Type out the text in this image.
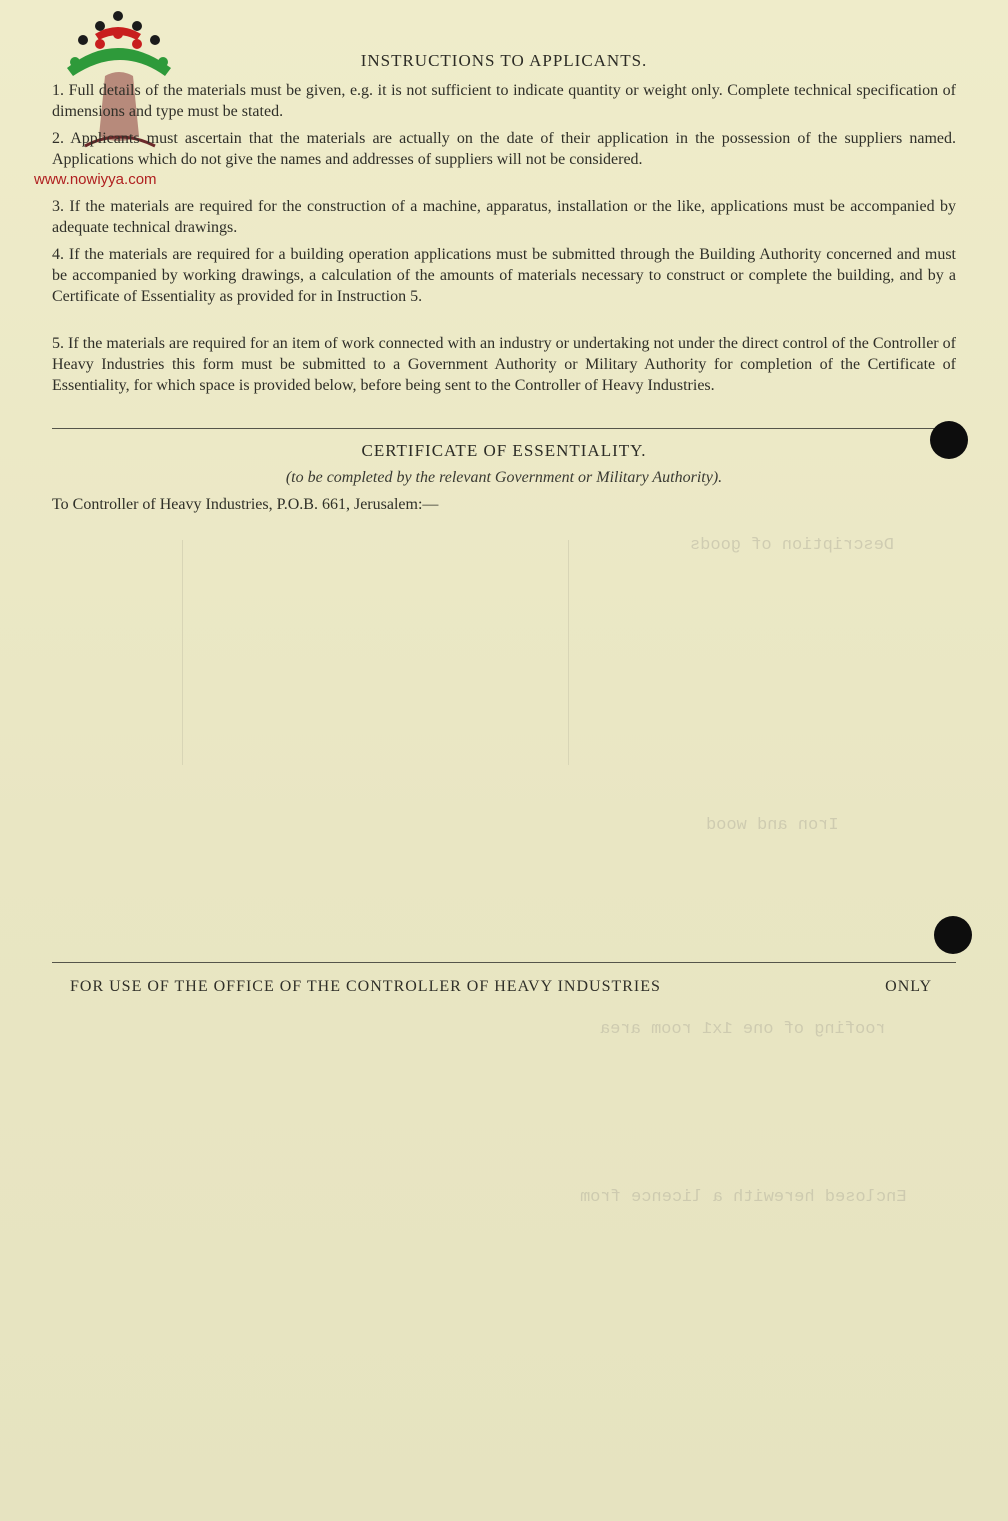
www.nowiyya.com
INSTRUCTIONS TO APPLICANTS.

1. Full details of the materials must be given, e.g. it is not sufficient to indicate quantity or weight only. Complete technical specification of dimensions and type must be stated.

2. Applicants must ascertain that the materials are actually on the date of their application in the possession of the suppliers named. Applications which do not give the names and addresses of suppliers will not be considered.

3. If the materials are required for the construction of a machine, apparatus, installation or the like, applications must be accompanied by adequate technical drawings.

4. If the materials are required for a building operation applications must be submitted through the Building Authority concerned and must be accompanied by working drawings, a calculation of the amounts of materials necessary to construct or complete the building, and by a Certificate of Essentiality as provided for in Instruction 5.

5. If the materials are required for an item of work connected with an industry or undertaking not under the direct control of the Controller of Heavy Industries this form must be submitted to a Government Authority or Military Authority for completion of the Certificate of Essentiality, for which space is provided below, before being sent to the Controller of Heavy Industries.

CERTIFICATE OF ESSENTIALITY.
(to be completed by the relevant Government or Military Authority).
To Controller of Heavy Industries, P.O.B. 661, Jerusalem:—
Description of goods
Iron and wood
roofing of one 1x1 room area
Enclosed herewith a licence from
FOR USE OF THE OFFICE OF THE CONTROLLER OF HEAVY INDUSTRIES	ONLY
